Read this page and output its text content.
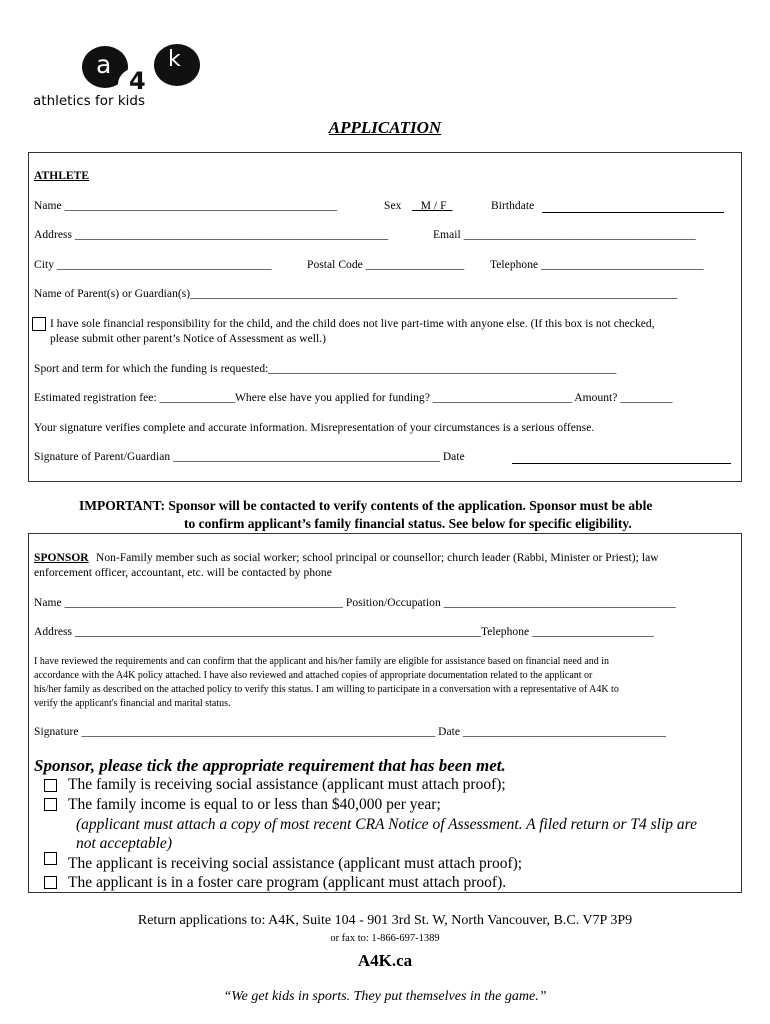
a
4
k
athletics for kids
APPLICATION
ATHLETE
Name _______________________________________________	Sex _ M / F_	Birthdate
Address ______________________________________________________	Email ________________________________________
City _____________________________________	Postal Code _________________ Telephone ____________________________
Name of Parent(s) or Guardian(s)____________________________________________________________________________________
I have sole financial responsibility for the child, and the child does not live part-time with anyone else. (If this box is not checked,
please submit other parent’s Notice of Assessment as well.)
Sport and term for which the funding is requested:____________________________________________________________
Estimated registration fee: _____________Where else have you applied for funding? ________________________ Amount? _________
Your signature verifies complete and accurate information. Misrepresentation of your circumstances is a serious offense.
Signature of Parent/Guardian ______________________________________________ Date
IMPORTANT: Sponsor will be contacted to verify contents of the application. Sponsor must be able
to confirm applicant’s family financial status. See below for specific eligibility.
SPONSOR Non-Family member such as social worker; school principal or counsellor; church leader (Rabbi, Minister or Priest); law
enforcement officer, accountant, etc. will be contacted by phone
Name ________________________________________________ Position/Occupation ________________________________________
Address ______________________________________________________________________Telephone _____________________
I have reviewed the requirements and can confirm that the applicant and his/her family are eligible for assistance based on financial need and in
accordance with the A4K policy attached. I have also reviewed and attached copies of appropriate documentation related to the applicant or
his/her family as described on the attached policy to verify this status. I am willing to participate in a conversation with a representative of A4K to
verify the applicant's financial and marital status.
Signature _____________________________________________________________ Date ___________________________________
Sponsor, please tick the appropriate requirement that has been met.
The family is receiving social assistance (applicant must attach proof);
The family income is equal to or less than $40,000 per year;
(applicant must attach a copy of most recent CRA Notice of Assessment. A filed return or T4 slip are
not acceptable)
The applicant is receiving social assistance (applicant must attach proof);
The applicant is in a foster care program (applicant must attach proof).
Return applications to: A4K, Suite 104 - 901 3rd St. W, North Vancouver, B.C. V7P 3P9
or fax to: 1-866-697-1389
A4K.ca
“We get kids in sports. They put themselves in the game.”
